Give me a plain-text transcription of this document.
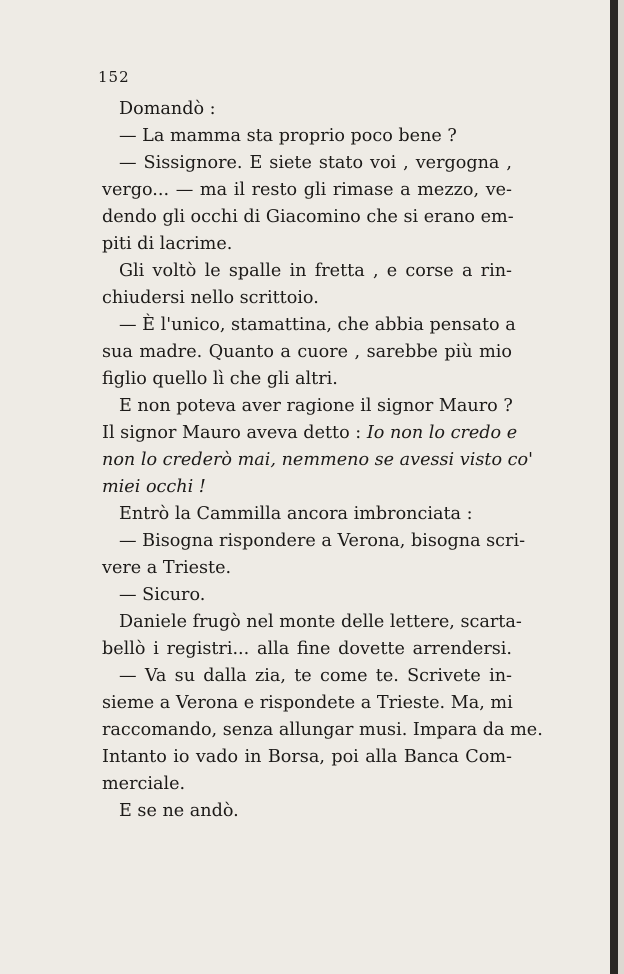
152
Domandò :
— La mamma sta proprio poco bene ?
— Sissignore. E siete stato voi , vergogna ,
vergo... — ma il resto gli rimase a mezzo, ve-
dendo gli occhi di Giacomino che si erano em-
piti di lacrime.
Gli voltò le spalle in fretta , e corse a rin-
chiudersi nello scrittoio.
— È l'unico, stamattina, che abbia pensato a
sua madre. Quanto a cuore , sarebbe più mio
figlio quello lì che gli altri.
E non poteva aver ragione il signor Mauro ?
Il signor Mauro aveva detto : Io non lo credo e
non lo crederò mai, nemmeno se avessi visto co'
miei occhi !
Entrò la Cammilla ancora imbronciata :
— Bisogna rispondere a Verona, bisogna scri-
vere a Trieste.
— Sicuro.
Daniele frugò nel monte delle lettere, scarta-
bellò i registri... alla fine dovette arrendersi.
— Va su dalla zia, te come te. Scrivete in-
sieme a Verona e rispondete a Trieste. Ma, mi
raccomando, senza allungar musi. Impara da me.
Intanto io vado in Borsa, poi alla Banca Com-
merciale.
E se ne andò.
